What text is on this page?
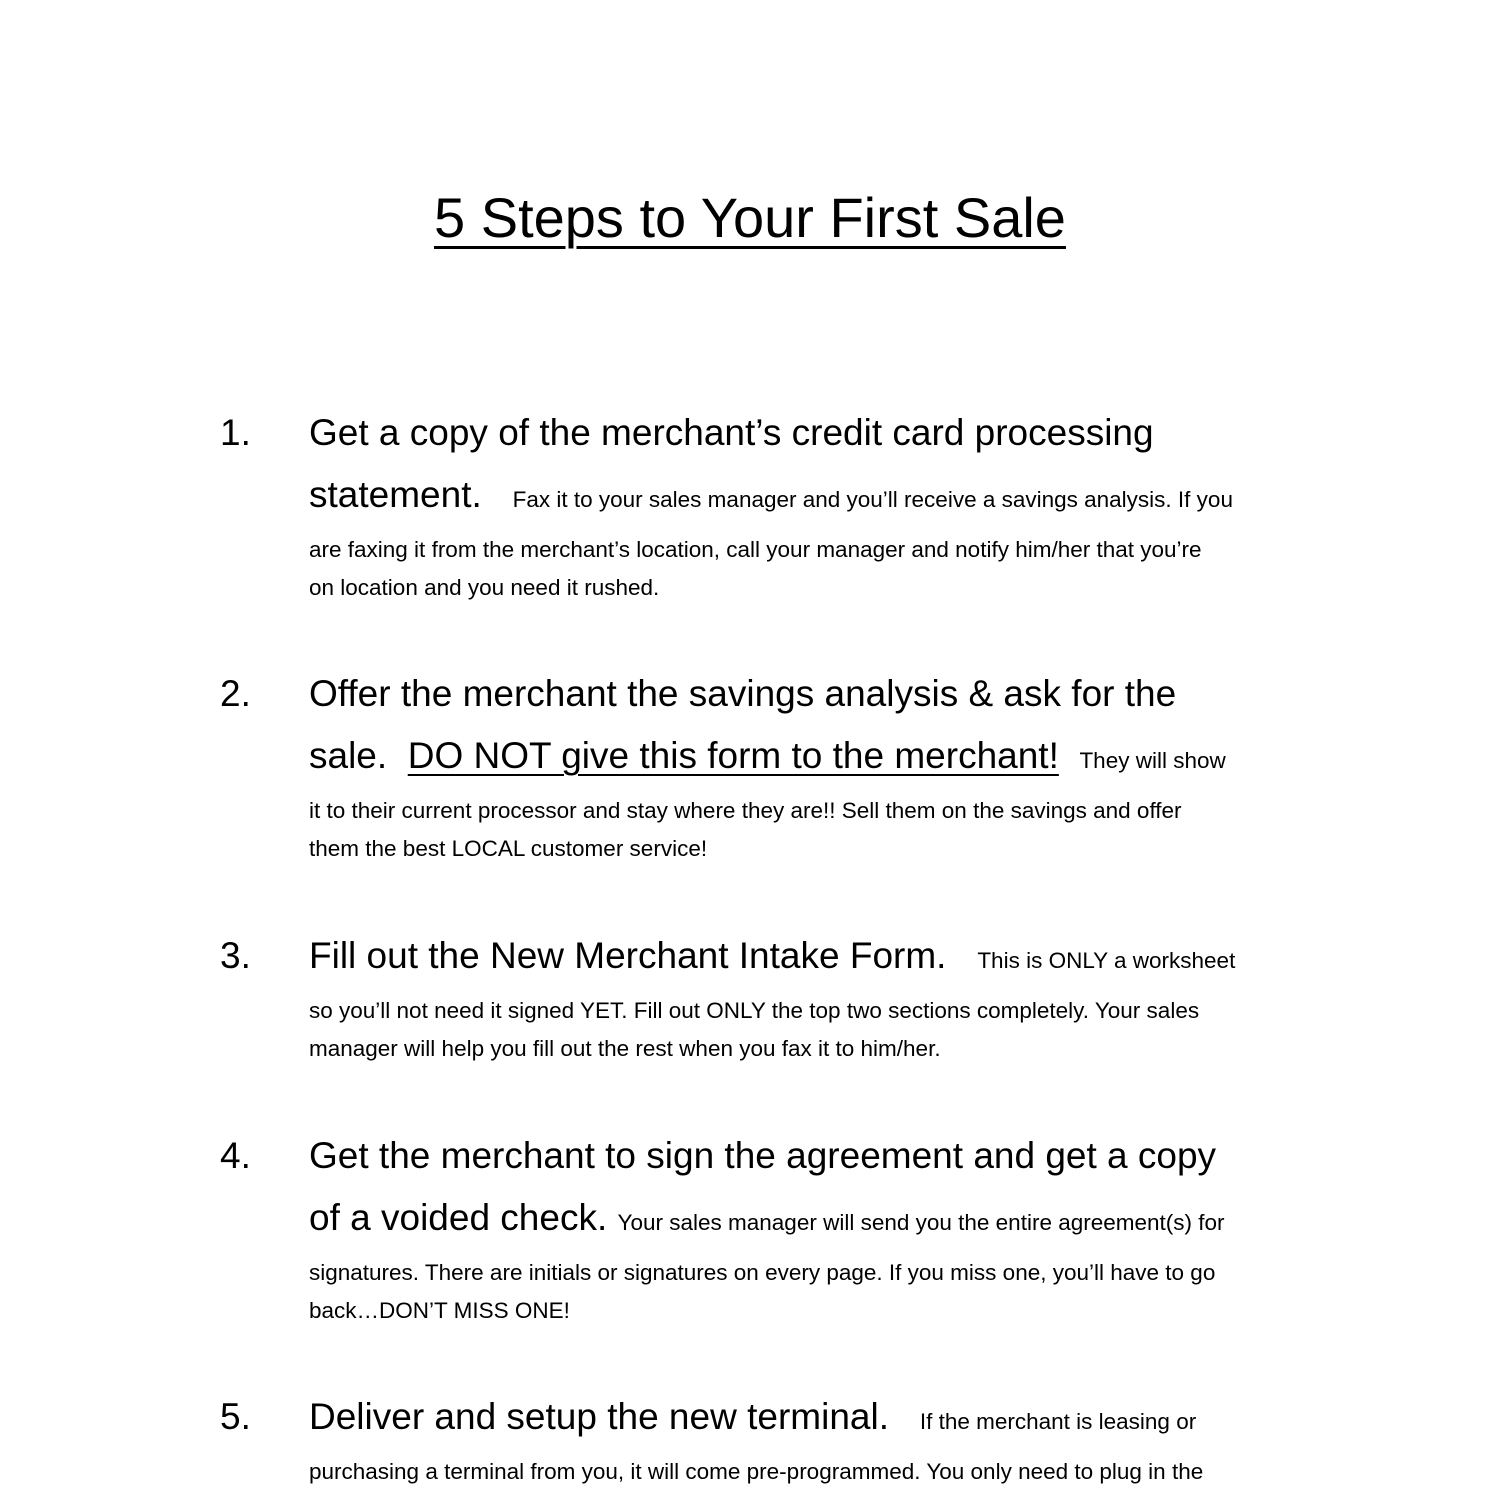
5 Steps to Your First Sale
1. Get a copy of the merchant’s credit card processing
statement. Fax it to your sales manager and you’ll receive a savings analysis. If you
are faxing it from the merchant’s location, call your manager and notify him/her that you’re
on location and you need it rushed.
2. Offer the merchant the savings analysis & ask for the
sale. DO NOT give this form to the merchant! They will show
it to their current processor and stay where they are!! Sell them on the savings and offer
them the best LOCAL customer service!
3. Fill out the New Merchant Intake Form. This is ONLY a worksheet
so you’ll not need it signed YET. Fill out ONLY the top two sections completely. Your sales
manager will help you fill out the rest when you fax it to him/her.
4. Get the merchant to sign the agreement and get a copy
of a voided check. Your sales manager will send you the entire agreement(s) for
signatures. There are initials or signatures on every page. If you miss one, you’ll have to go
back…DON’T MISS ONE!
5. Deliver and setup the new terminal. If the merchant is leasing or
purchasing a terminal from you, it will come pre-programmed. You only need to plug in the
